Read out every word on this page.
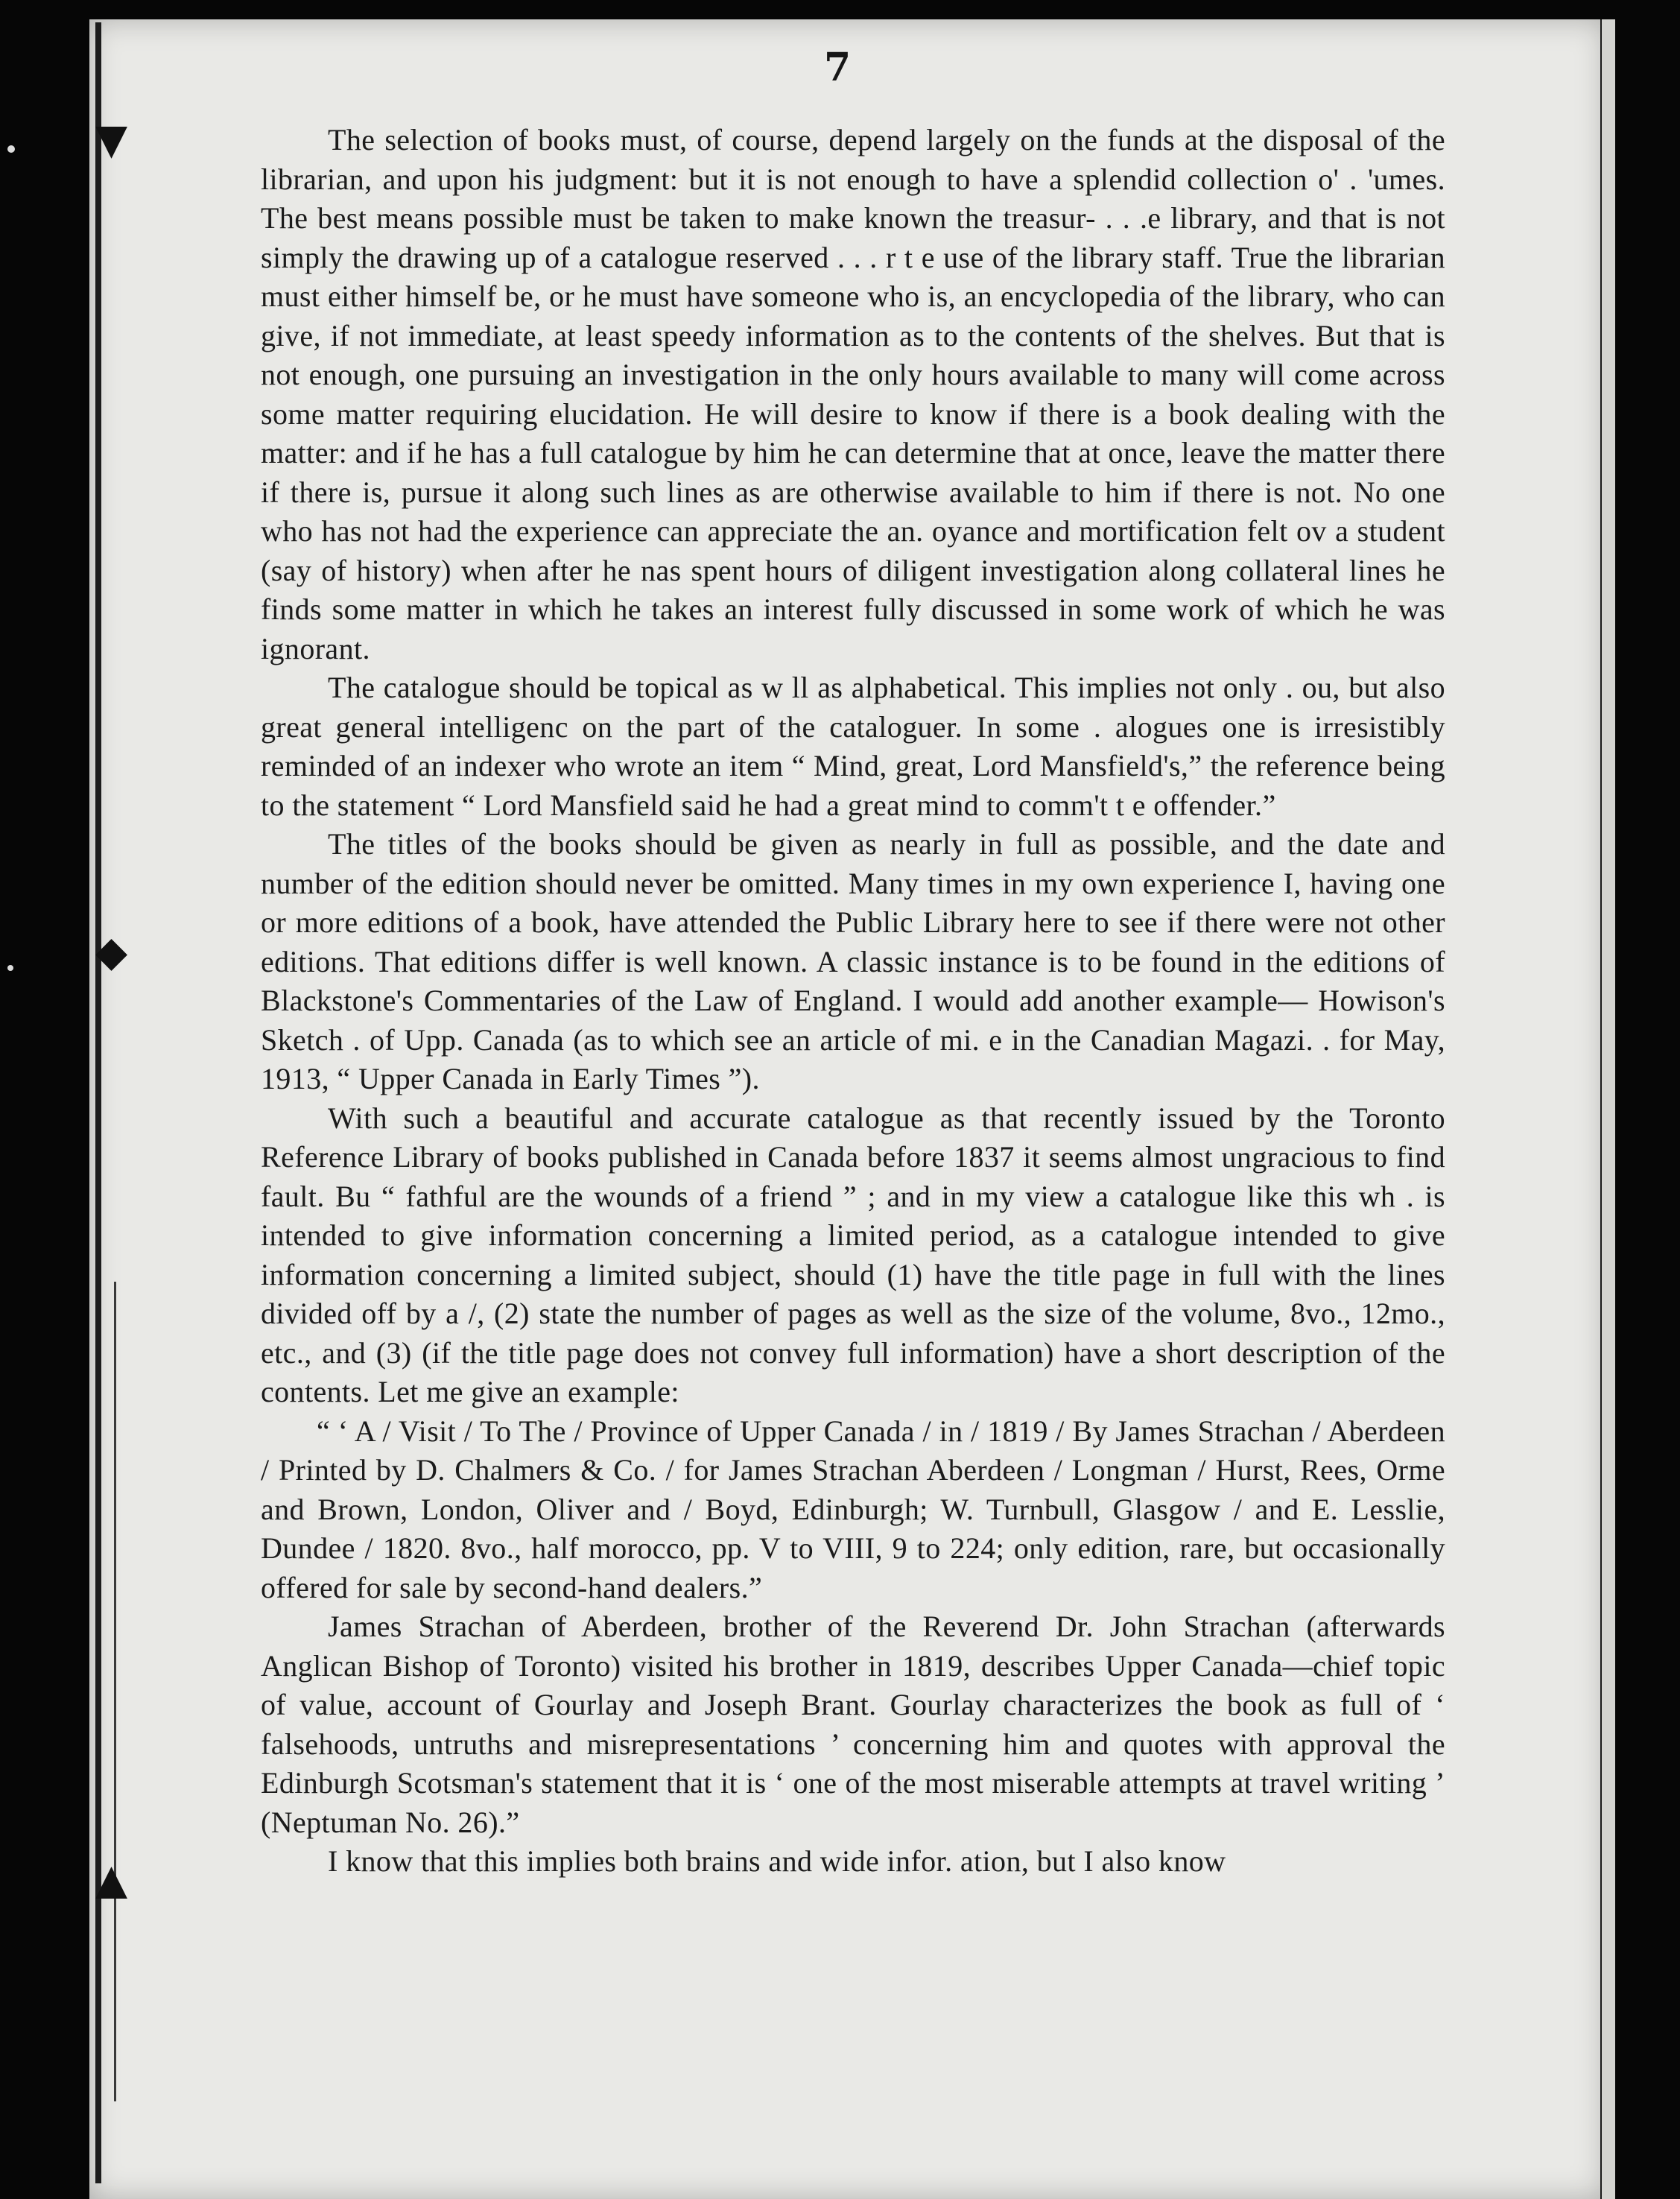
▼
◆
▲
7

The selection of books must, of course, depend largely on the funds at the disposal of the librarian, and upon his judgment: but it is not enough to have a splendid collection o' . 'umes. The best means possible must be taken to make known the treasur- . . .e library, and that is not simply the drawing up of a catalogue reserved . . . r t e use of the library staff. True the librarian must either himself be, or he must have someone who is, an encyclopedia of the library, who can give, if not immediate, at least speedy information as to the contents of the shelves. But that is not enough, one pursuing an investigation in the only hours available to many will come across some matter requiring elucidation. He will desire to know if there is a book dealing with the matter: and if he has a full catalogue by him he can determine that at once, leave the matter there if there is, pursue it along such lines as are otherwise available to him if there is not. No one who has not had the experience can appreciate the an. oyance and mortification felt ov a student (say of history) when after he nas spent hours of diligent investigation along collateral lines he finds some matter in which he takes an interest fully discussed in some work of which he was ignorant.

The catalogue should be topical as w ll as alphabetical. This implies not only . ou, but also great general intelligenc on the part of the cataloguer. In some . alogues one is irresistibly reminded of an indexer who wrote an item “ Mind, great, Lord Mansfield's,” the reference being to the statement “ Lord Mansfield said he had a great mind to comm't t e offender.”

The titles of the books should be given as nearly in full as possible, and the date and number of the edition should never be omitted. Many times in my own experience I, having one or more editions of a book, have attended the Public Library here to see if there were not other editions. That editions differ is well known. A classic instance is to be found in the editions of Blackstone's Commentaries of the Law of England. I would add another example— Howison's Sketch . of Upp. Canada (as to which see an article of mi. e in the Canadian Magazi. . for May, 1913, “ Upper Canada in Early Times ”).

With such a beautiful and accurate catalogue as that recently issued by the Toronto Reference Library of books published in Canada before 1837 it seems almost ungracious to find fault. Bu “ fathful are the wounds of a friend ” ; and in my view a catalogue like this wh . is intended to give information concerning a limited period, as a catalogue intended to give information concerning a limited subject, should (1) have the title page in full with the lines divided off by a /, (2) state the number of pages as well as the size of the volume, 8vo., 12mo., etc., and (3) (if the title page does not convey full information) have a short description of the contents. Let me give an example:

“ ‘ A / Visit / To The / Province of Upper Canada / in / 1819 / By James Strachan / Aberdeen / Printed by D. Chalmers & Co. / for James Strachan Aberdeen / Longman / Hurst, Rees, Orme and Brown, London, Oliver and / Boyd, Edinburgh; W. Turnbull, Glasgow / and E. Lesslie, Dundee / 1820. 8vo., half morocco, pp. V to VIII, 9 to 224; only edition, rare, but occasionally offered for sale by second-hand dealers.”

James Strachan of Aberdeen, brother of the Reverend Dr. John Strachan (afterwards Anglican Bishop of Toronto) visited his brother in 1819, describes Upper Canada—chief topic of value, account of Gourlay and Joseph Brant. Gourlay characterizes the book as full of ‘ falsehoods, untruths and misrepresentations ’ concerning him and quotes with approval the Edinburgh Scotsman's statement that it is ‘ one of the most miserable attempts at travel writing ’ (Neptuman No. 26).”

I know that this implies both brains and wide infor. ation, but I also know
